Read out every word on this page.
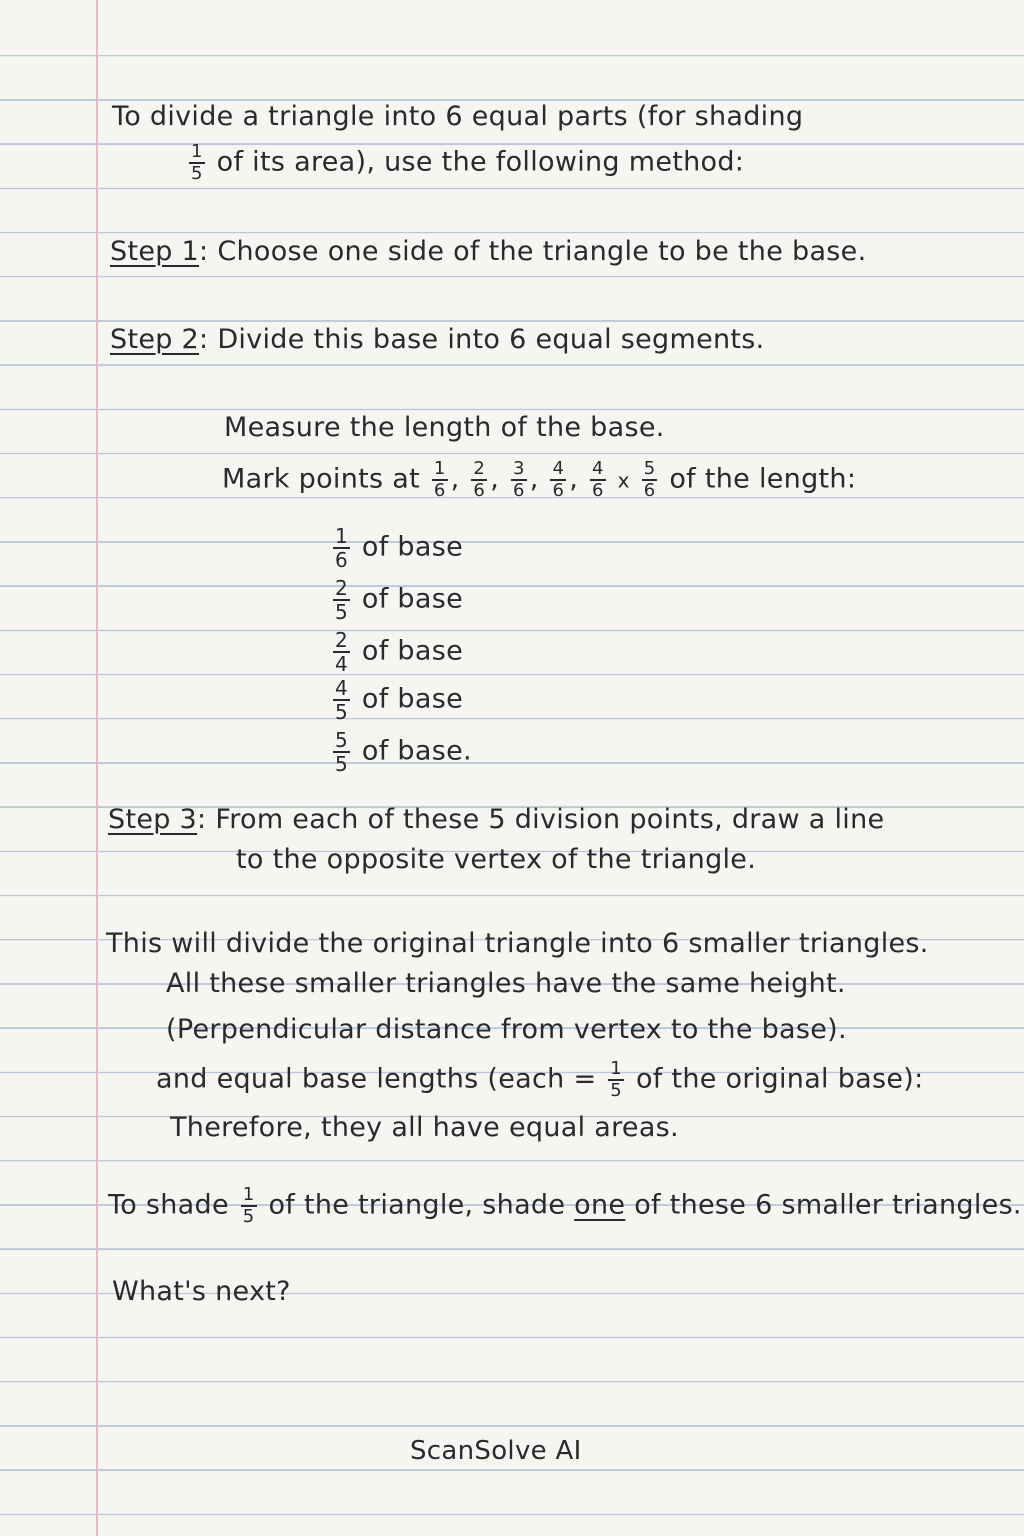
To divide a triangle into 6 equal parts (for shading
$\frac{1}{5}$ of its area), use the following method:
Step 1: Choose one side of the triangle to be the base.
Step 2: Divide this base into 6 equal segments.
Measure the length of the base.
Mark points at $\frac{1}{6}$ , $\frac{2}{6}$ , $\frac{3}{6}$ , $\frac{4}{6}$ , $\frac{4}{6}$ x $\frac{5}{6}$ of the length:
$\frac{1}{6}$ of base
$\frac{2}{5}$ of base
$\frac{2}{4}$ of base
$\frac{4}{5}$ of base
$\frac{5}{5}$ of base.
Step 3: From each of these 5 division points, draw a line
to the opposite vertex of the triangle.
This will divide the original triangle into 6 smaller triangles.
All these smaller triangles have the same height.
(Perpendicular distance from vertex to the base).
and equal base lengths (each = $\frac{1}{5}$ of the original base):
Therefore, they all have equal areas.
To shade $\frac{1}{5}$ of the triangle, shade one of these 6 smaller triangles.
What's next?
ScanSolve AI
